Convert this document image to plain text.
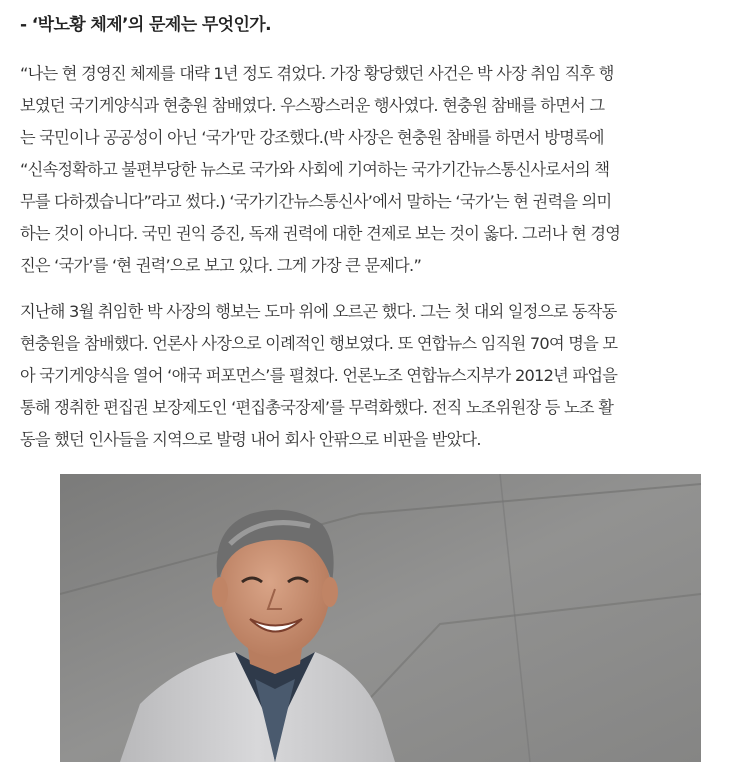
- ‘박노황 체제’의 문제는 무엇인가.
“나는 현 경영진 체제를 대략 1년 정도 겪었다. 가장 황당했던 사건은 박 사장 취임 직후 행
보였던 국기게양식과 현충원 참배였다. 우스꽝스러운 행사였다. 현충원 참배를 하면서 그
는 국민이나 공공성이 아닌 ‘국가’만 강조했다.(박 사장은 현충원 참배를 하면서 방명록에
“신속정확하고 불편부당한 뉴스로 국가와 사회에 기여하는 국가기간뉴스통신사로서의 책
무를 다하겠습니다”라고 썼다.) ‘국가기간뉴스통신사’에서 말하는 ‘국가’는 현 권력을 의미
하는 것이 아니다. 국민 권익 증진, 독재 권력에 대한 견제로 보는 것이 옳다. 그러나 현 경영
진은 ‘국가’를 ‘현 권력’으로 보고 있다. 그게 가장 큰 문제다.”
지난해 3월 취임한 박 사장의 행보는 도마 위에 오르곤 했다. 그는 첫 대외 일정으로 동작동
현충원을 참배했다. 언론사 사장으로 이례적인 행보였다. 또 연합뉴스 임직원 70여 명을 모
아 국기게양식을 열어 ‘애국 퍼포먼스’를 펼쳤다. 언론노조 연합뉴스지부가 2012년 파업을
통해 쟁취한 편집권 보장제도인 ‘편집총국장제’를 무력화했다. 전직 노조위원장 등 노조 활
동을 했던 인사들을 지역으로 발령 내어 회사 안팎으로 비판을 받았다.
